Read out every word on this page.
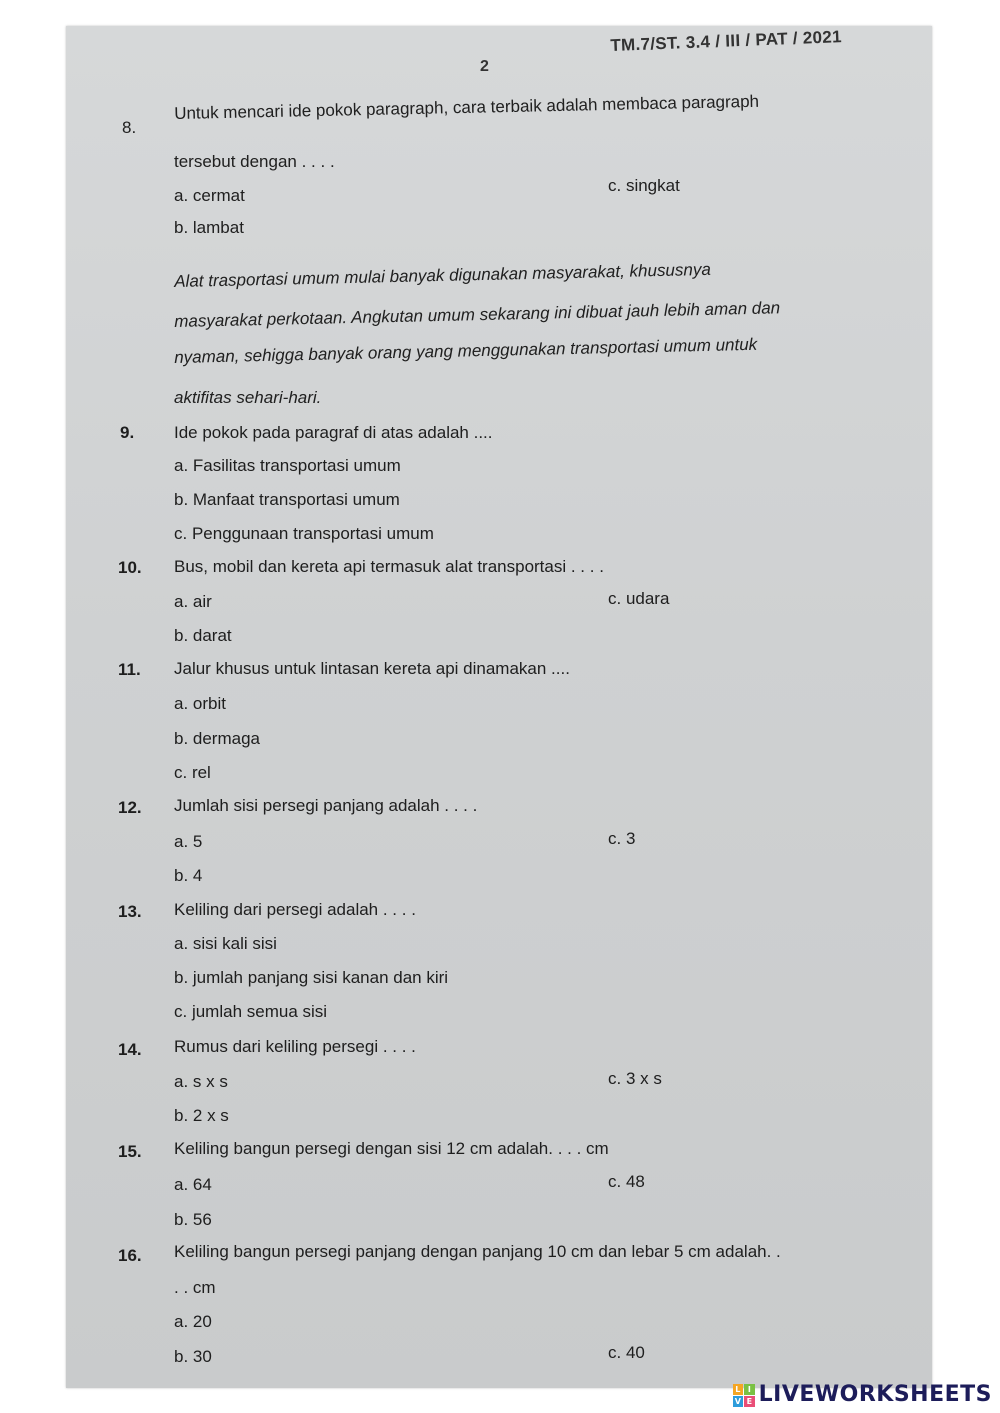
2
TM.7/ST. 3.4 / III / PAT / 2021
8.
Untuk mencari ide pokok paragraph, cara terbaik adalah membaca paragraph
tersebut dengan . . . .
a. cermat
c. singkat
b. lambat
Alat trasportasi umum mulai banyak digunakan masyarakat, khususnya
masyarakat perkotaan. Angkutan umum sekarang ini dibuat jauh lebih aman dan
nyaman, sehigga banyak orang yang menggunakan transportasi umum untuk
aktifitas sehari-hari.
9. Ide pokok pada paragraf di atas adalah ....
a. Fasilitas transportasi umum
b. Manfaat transportasi umum
c. Penggunaan transportasi umum
10. Bus, mobil dan kereta api termasuk alat transportasi . . . .
a. air	c. udara
b. darat
11. Jalur khusus untuk lintasan kereta api dinamakan ....
a. orbit
b. dermaga
c. rel
12. Jumlah sisi persegi panjang adalah . . . .
a. 5	c. 3
b. 4
13. Keliling dari persegi adalah . . . .
a. sisi kali sisi
b. jumlah panjang sisi kanan dan kiri
c. jumlah semua sisi
14. Rumus dari keliling persegi . . . .
a. s x s	c. 3 x s
b. 2 x s
15. Keliling bangun persegi dengan sisi 12 cm adalah. . . . cm
a. 64	c. 48
b. 56
16. Keliling bangun persegi panjang dengan panjang 10 cm dan lebar 5 cm adalah. .
. . cm
a. 20
c. 40
b. 30
L I
V E LIVEWORKSHEETS
